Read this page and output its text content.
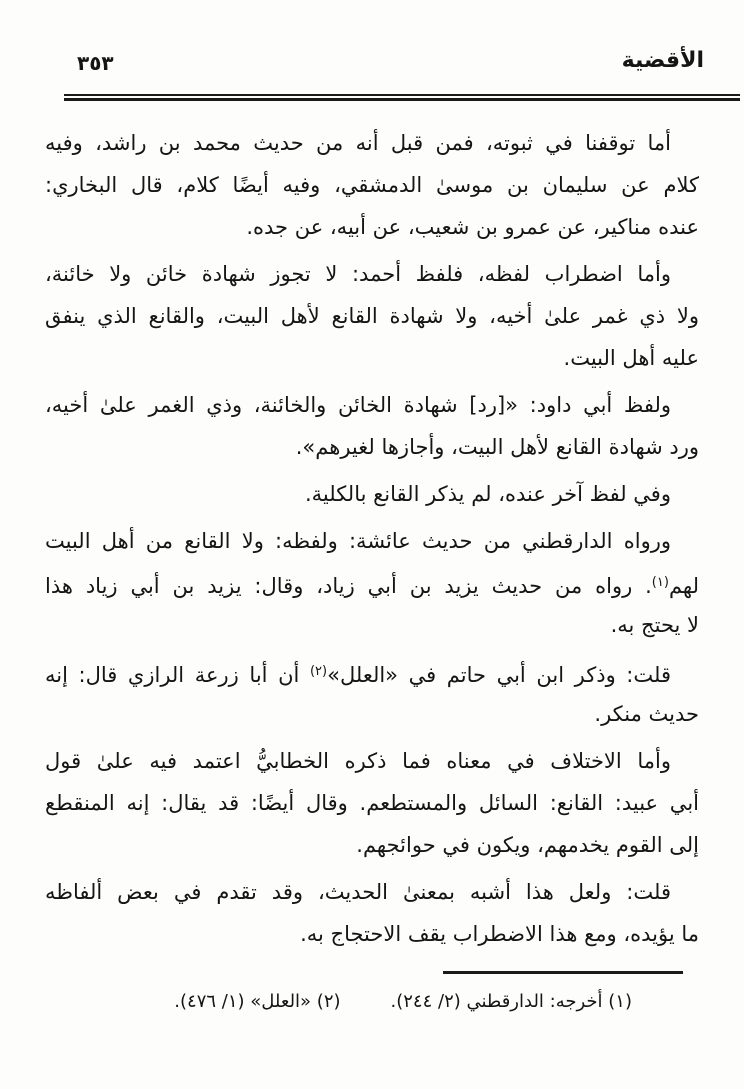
٣٥٣	الأقضية
أما توقفنا في ثبوته، فمن قبل أنه من حديث محمد بن راشد، وفيه
كلام عن سليمان بن موسىٰ الدمشقي، وفيه أيضًا كلام، قال البخاري:
عنده مناكير، عن عمرو بن شعيب، عن أبيه، عن جده.
وأما اضطراب لفظه، فلفظ أحمد: لا تجوز شهادة خائن ولا خائنة،
ولا ذي غمر علىٰ أخيه، ولا شهادة القانع لأهل البيت، والقانع الذي ينفق
عليه أهل البيت.
ولفظ أبي داود: «[رد] شهادة الخائن والخائنة، وذي الغمر علىٰ أخيه،
ورد شهادة القانع لأهل البيت، وأجازها لغيرهم».
وفي لفظ آخر عنده، لم يذكر القانع بالكلية.
ورواه الدارقطني من حديث عائشة: ولفظه: ولا القانع من أهل البيت
لهم$^{(١)}$. رواه من حديث يزيد بن أبي زياد، وقال: يزيد بن أبي زياد هذا
لا يحتج به.
قلت: وذكر ابن أبي حاتم في «العلل»$^{(٢)}$ أن أبا زرعة الرازي قال: إنه
حديث منكر.
وأما الاختلاف في معناه فما ذكره الخطابيُّ اعتمد فيه علىٰ قول
أبي عبيد: القانع: السائل والمستطعم. وقال أيضًا: قد يقال: إنه المنقطع
إلى القوم يخدمهم، ويكون في حوائجهم.
قلت: ولعل هذا أشبه بمعنىٰ الحديث، وقد تقدم في بعض ألفاظه
ما يؤيده، ومع هذا الاضطراب يقف الاحتجاج به.
(١) أخرجه: الدارقطني (٢/ ٢٤٤).
(٢) «العلل» (١/ ٤٧٦).
